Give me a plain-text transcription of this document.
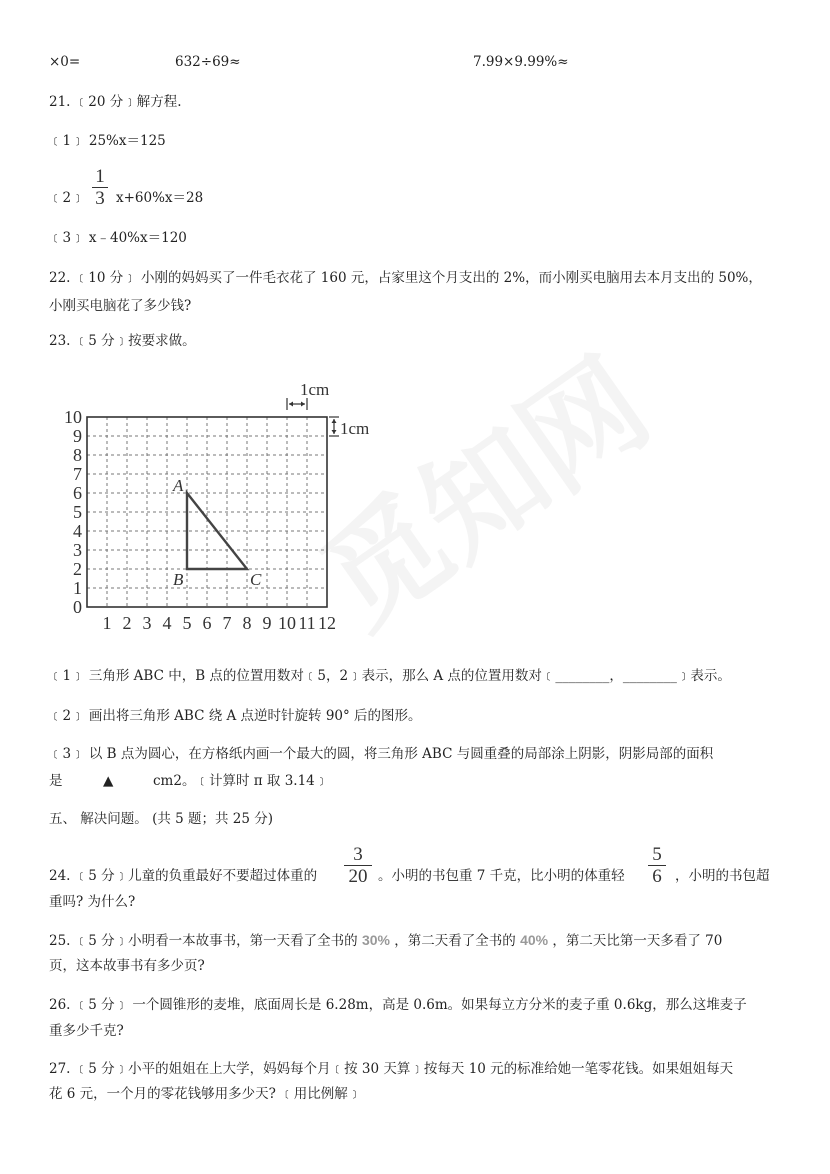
×0=	632÷69≈	7.99×9.99%≈
21. ﹝20 分﹞解方程.
﹝1﹞ 25%x＝125
﹝2﹞
1
3 x+60%x＝28
﹝3﹞ x﹣40%x＝120
22. ﹝10 分﹞ 小刚的妈妈买了一件毛衣花了 160 元，占家里这个月支出的 2%，而小刚买电脑用去本月支出的 50%，
小刚买电脑花了多少钱?
23. ﹝5 分﹞按要求做。
1cm
1cm
1 2 3 4 5 6 7 8 9 10 11 12
0
1
2
3
4
5
6
7
8
9
10
A
B	C
﹝1﹞ 三角形 ABC 中，B 点的位置用数对﹝5，2﹞表示，那么 A 点的位置用数对﹝________，________﹞表示。
﹝2﹞ 画出将三角形 ABC 绕 A 点逆时针旋转 90° 后的图形。
﹝3﹞ 以 B 点为圆心，在方格纸内画一个最大的圆，将三角形 ABC 与圆重叠的局部涂上阴影，阴影局部的面积
是	▲	cm2。﹝计算时 π 取 3.14﹞
五、 解决问题。 (共 5 题；共 25 分)
24. ﹝5 分﹞儿童的负重最好不要超过体重的
3
20 。小明的书包重 7 千克，比小明的体重轻
5
6 ，小明的书包超
重吗? 为什么?
25. ﹝5 分﹞小明看一本故事书，第一天看了全书的 30% ，第二天看了全书的 40% ，第二天比第一天多看了 70
页，这本故事书有多少页?
26. ﹝5 分﹞ 一个圆锥形的麦堆，底面周长是 6.28m，高是 0.6m。如果每立方分米的麦子重 0.6kg，那么这堆麦子
重多少千克?
27. ﹝5 分﹞小平的姐姐在上大学，妈妈每个月﹝按 30 天算﹞按每天 10 元的标准给她一笔零花钱。如果姐姐每天
花 6 元，一个月的零花钱够用多少天? ﹝用比例解﹞
